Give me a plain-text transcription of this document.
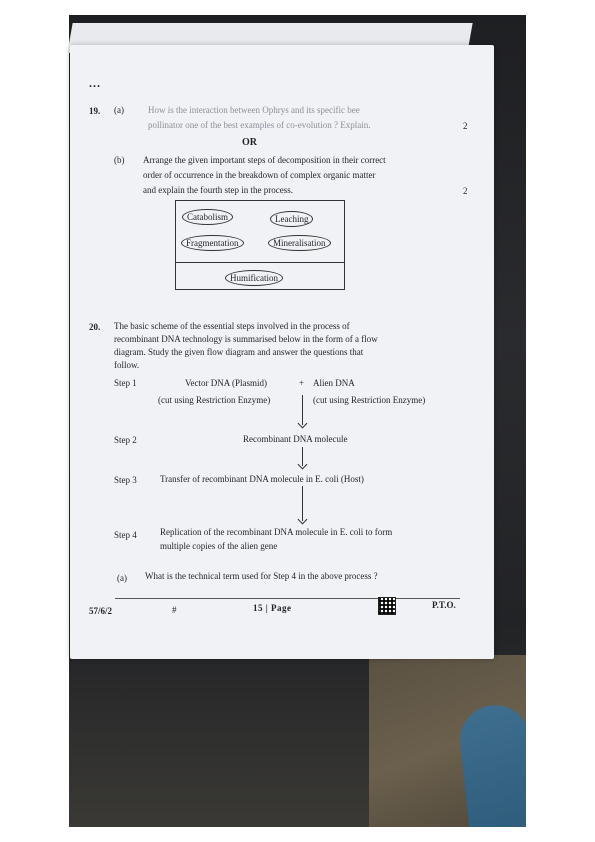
...
19. (a)	How is the interaction between Ophrys and its specific bee
pollinator one of the best examples of co-evolution ? Explain.	2
OR
(b) Arrange the given important steps of decomposition in their correct
order of occurrence in the breakdown of complex organic matter
and explain the fourth step in the process.	2
Catabolism	Leaching
Fragmentation	Mineralisation
Humification
20. The basic scheme of the essential steps involved in the process of
recombinant DNA technology is summarised below in the form of a flow
diagram. Study the given flow diagram and answer the questions that
follow.
Step 1	Vector DNA (Plasmid)	+ Alien DNA
(cut using Restriction Enzyme)	(cut using Restriction Enzyme)
Step 2	Recombinant DNA molecule
Step 3	Transfer of recombinant DNA molecule in E. coli (Host)
Step 4	Replication of the recombinant DNA molecule in E. coli to form
multiple copies of the alien gene
(a) What is the technical term used for Step 4 in the above process ?
57/6/2	#	15 | Page	P.T.O.
